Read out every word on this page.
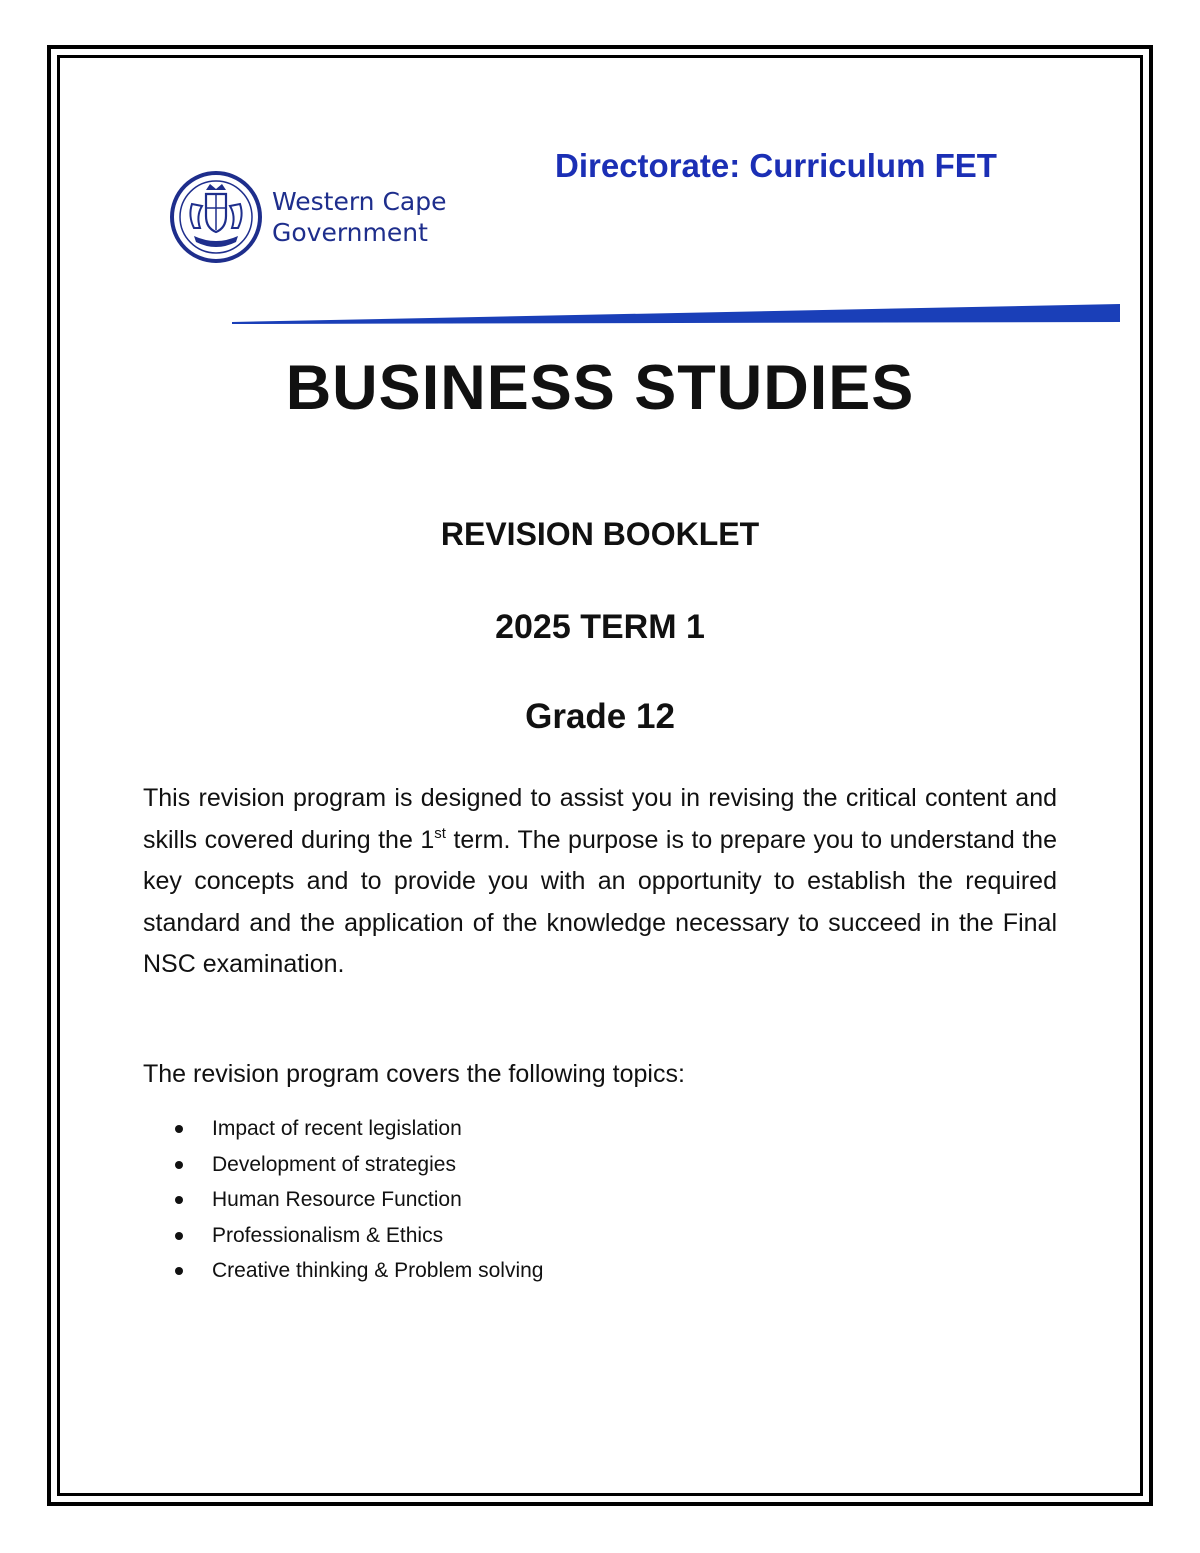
Western Cape
Government
Directorate: Curriculum FET
BUSINESS STUDIES
REVISION BOOKLET
2025 TERM 1
Grade 12

This revision program is designed to assist you in revising the critical content and skills covered during the 1st term. The purpose is to prepare you to understand the key concepts and to provide you with an opportunity to establish the required standard and the application of the knowledge necessary to succeed in the Final NSC examination.

The revision program covers the following topics:
Impact of recent legislation
Development of strategies
Human Resource Function
Professionalism & Ethics
Creative thinking & Problem solving
